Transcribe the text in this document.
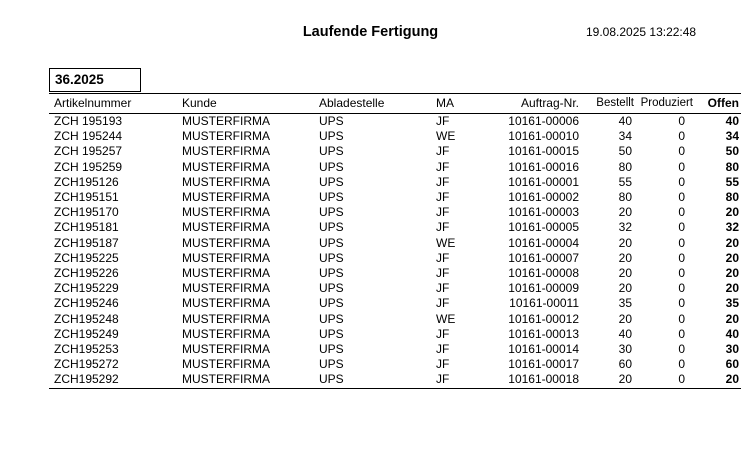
Laufende Fertigung	19.08.2025 13:22:48
36.2025
Artikelnummer	Kunde	Abladestelle	MA	Auftrag-Nr.	Bestellt	Produziert	Offen
ZCH 195193	MUSTERFIRMA	UPS	JF	10161-00006	40	0	40
ZCH 195244	MUSTERFIRMA	UPS	WE	10161-00010	34	0	34
ZCH 195257	MUSTERFIRMA	UPS	JF	10161-00015	50	0	50
ZCH 195259	MUSTERFIRMA	UPS	JF	10161-00016	80	0	80
ZCH195126	MUSTERFIRMA	UPS	JF	10161-00001	55	0	55
ZCH195151	MUSTERFIRMA	UPS	JF	10161-00002	80	0	80
ZCH195170	MUSTERFIRMA	UPS	JF	10161-00003	20	0	20
ZCH195181	MUSTERFIRMA	UPS	JF	10161-00005	32	0	32
ZCH195187	MUSTERFIRMA	UPS	WE	10161-00004	20	0	20
ZCH195225	MUSTERFIRMA	UPS	JF	10161-00007	20	0	20
ZCH195226	MUSTERFIRMA	UPS	JF	10161-00008	20	0	20
ZCH195229	MUSTERFIRMA	UPS	JF	10161-00009	20	0	20
ZCH195246	MUSTERFIRMA	UPS	JF	10161-00011	35	0	35
ZCH195248	MUSTERFIRMA	UPS	WE	10161-00012	20	0	20
ZCH195249	MUSTERFIRMA	UPS	JF	10161-00013	40	0	40
ZCH195253	MUSTERFIRMA	UPS	JF	10161-00014	30	0	30
ZCH195272	MUSTERFIRMA	UPS	JF	10161-00017	60	0	60
ZCH195292	MUSTERFIRMA	UPS	JF	10161-00018	20	0	20
